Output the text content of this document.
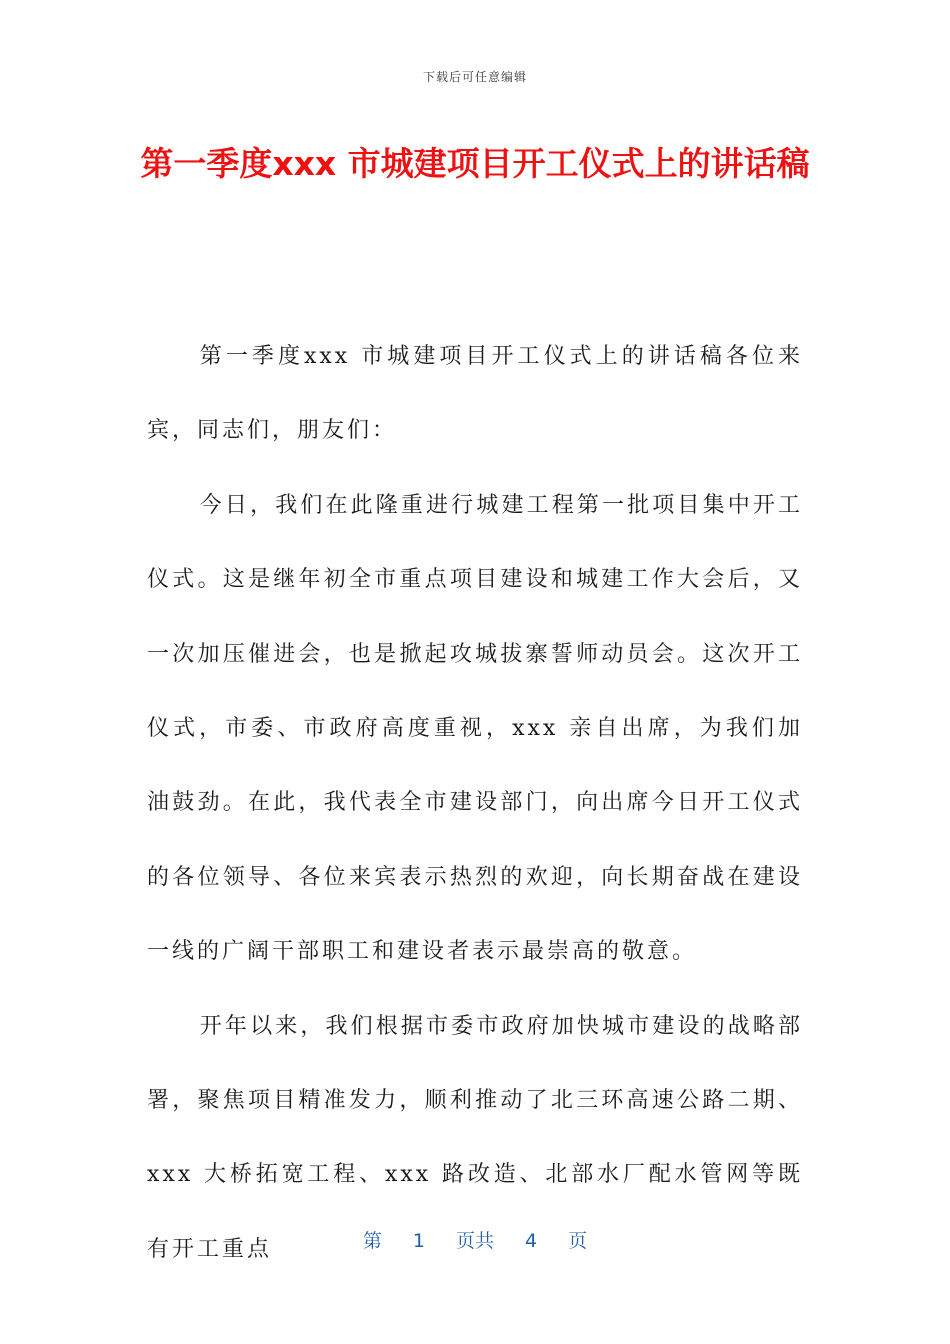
下载后可任意编辑
第一季度xxx 市城建项目开工仪式上的讲话稿

第一季度xxx 市城建项目开工仪式上的讲话稿各位来宾，同志们，朋友们：

今日，我们在此隆重进行城建工程第一批项目集中开工仪式。这是继年初全市重点项目建设和城建工作大会后，又一次加压催进会，也是掀起攻城拔寨誓师动员会。这次开工仪式，市委、市政府高度重视，xxx 亲自出席，为我们加油鼓劲。在此，我代表全市建设部门，向出席今日开工仪式的各位领导、各位来宾表示热烈的欢迎，向长期奋战在建设一线的广阔干部职工和建设者表示最崇高的敬意。

开年以来，我们根据市委市政府加快城市建设的战略部署，聚焦项目精准发力，顺利推动了北三环高速公路二期、xxx 大桥拓宽工程、xxx 路改造、北部水厂配水管网等既有开工重点	第 1 页共 4 页
